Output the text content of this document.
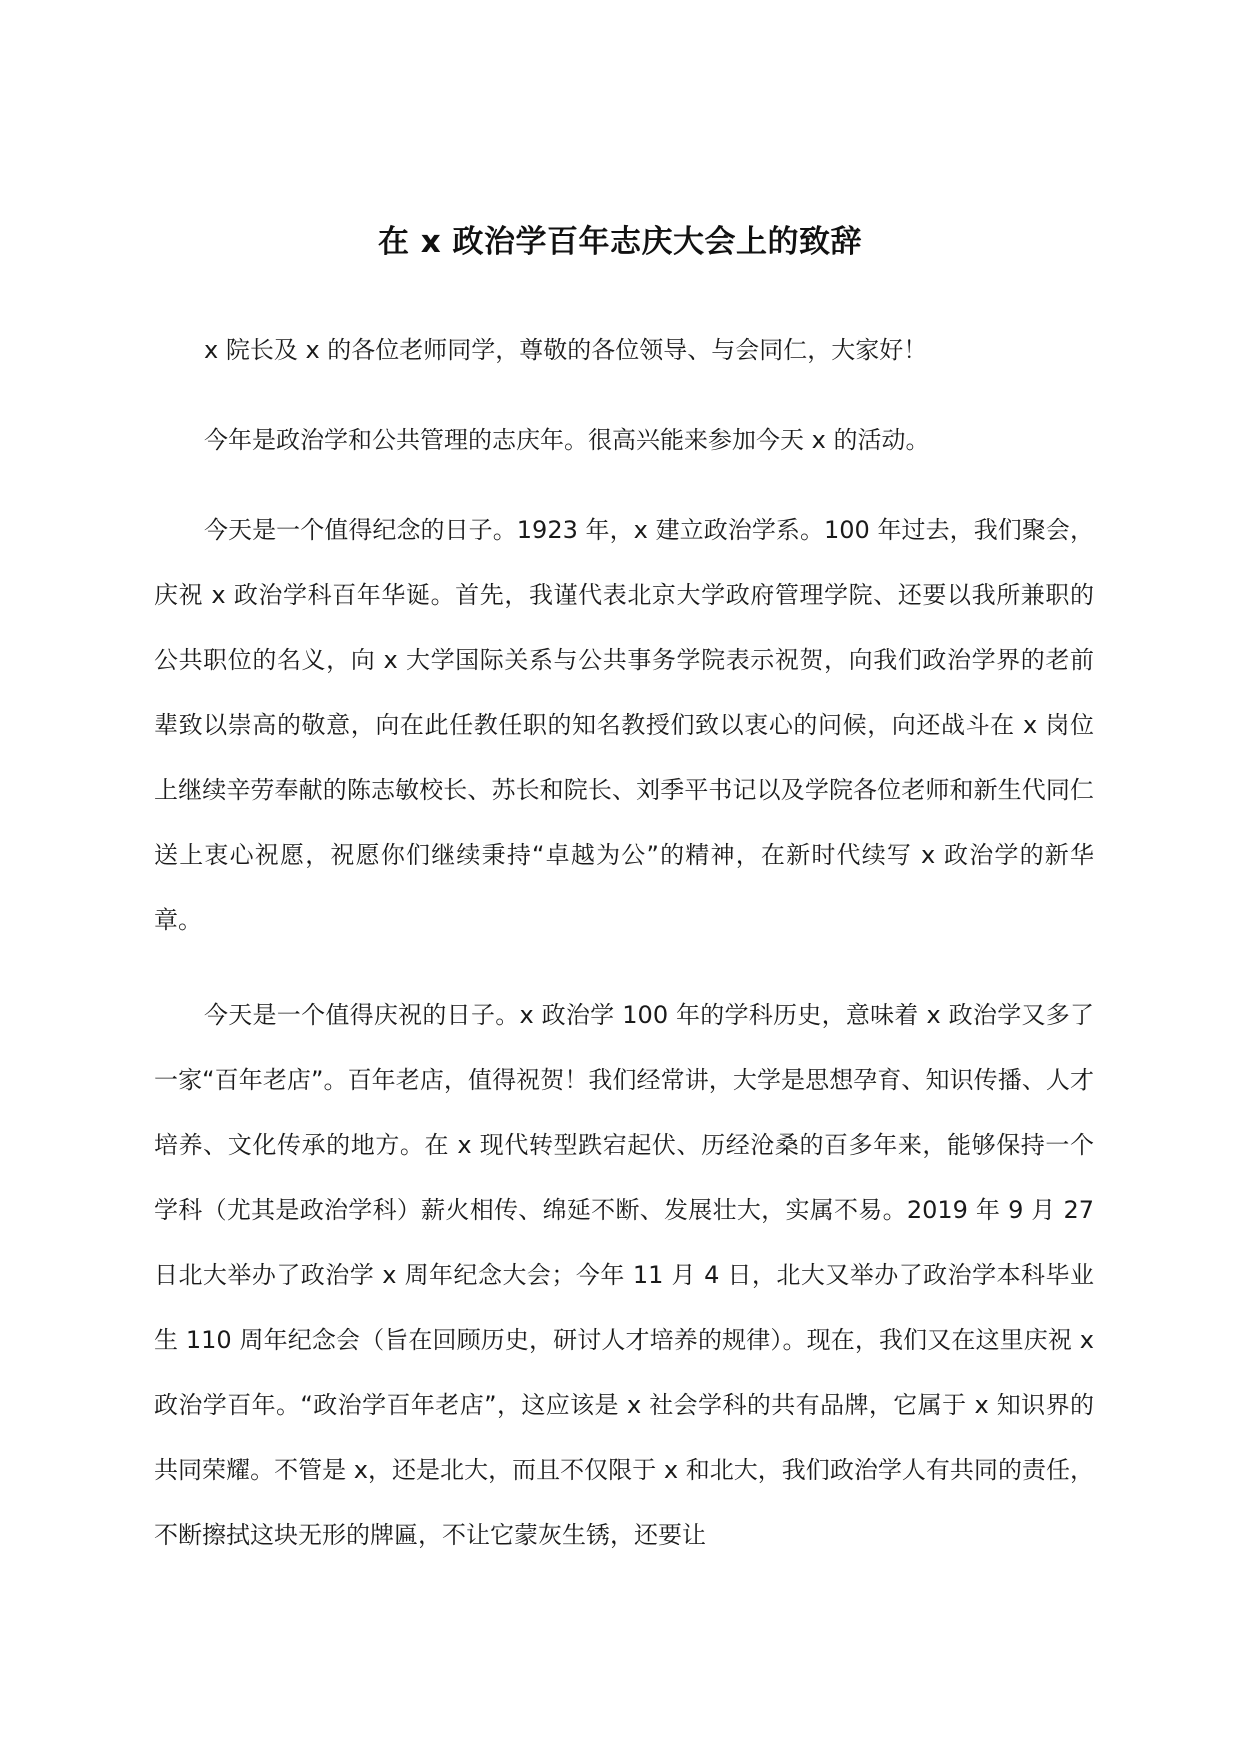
在 x 政治学百年志庆大会上的致辞

x 院长及 x 的各位老师同学，尊敬的各位领导、与会同仁，大家好！

今年是政治学和公共管理的志庆年。很高兴能来参加今天 x 的活动。

今天是一个值得纪念的日子。1923 年，x 建立政治学系。100 年过去，我们聚会，庆祝 x 政治学科百年华诞。首先，我谨代表北京大学政府管理学院、还要以我所兼职的公共职位的名义，向 x 大学国际关系与公共事务学院表示祝贺，向我们政治学界的老前辈致以崇高的敬意，向在此任教任职的知名教授们致以衷心的问候，向还战斗在 x 岗位上继续辛劳奉献的陈志敏校长、苏长和院长、刘季平书记以及学院各位老师和新生代同仁送上衷心祝愿，祝愿你们继续秉持“卓越为公”的精神，在新时代续写 x 政治学的新华章。

今天是一个值得庆祝的日子。x 政治学 100 年的学科历史，意味着 x 政治学又多了一家“百年老店”。百年老店，值得祝贺！我们经常讲，大学是思想孕育、知识传播、人才培养、文化传承的地方。在 x 现代转型跌宕起伏、历经沧桑的百多年来，能够保持一个学科（尤其是政治学科）薪火相传、绵延不断、发展壮大，实属不易。2019 年 9 月 27 日北大举办了政治学 x 周年纪念大会；今年 11 月 4 日，北大又举办了政治学本科毕业生 110 周年纪念会（旨在回顾历史，研讨人才培养的规律）。现在，我们又在这里庆祝 x 政治学百年。“政治学百年老店”，这应该是 x 社会学科的共有品牌，它属于 x 知识界的共同荣耀。不管是 x，还是北大，而且不仅限于 x 和北大，我们政治学人有共同的责任，不断擦拭这块无形的牌匾，不让它蒙灰生锈，还要让
